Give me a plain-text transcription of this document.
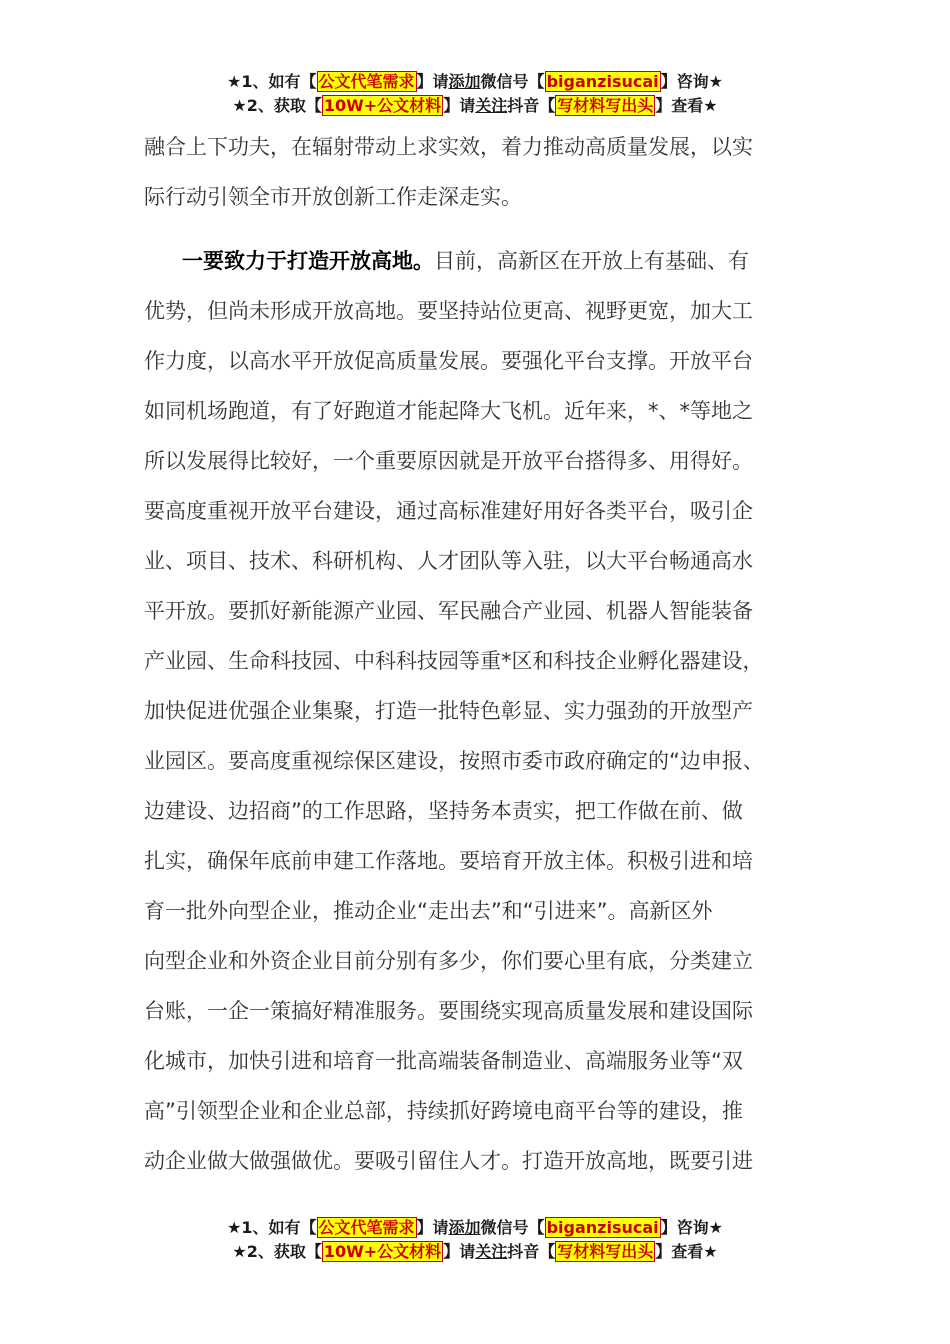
★1、如有【 公文代笔需求 】请添加微信号【 biganzisucai 】咨询★
★2、获取【 10W+公文材料 】请关注抖音【 写材料写出头 】查看★
融合上下功夫，在辐射带动上求实效，着力推动高质量发展，以实
际行动引领全市开放创新工作走深走实。
一要致力于打造开放高地。目前，高新区在开放上有基础、有
优势，但尚未形成开放高地。要坚持站位更高、视野更宽，加大工
作力度，以高水平开放促高质量发展。要强化平台支撑。开放平台
如同机场跑道，有了好跑道才能起降大飞机。近年来，*、*等地之
所以发展得比较好，一个重要原因就是开放平台搭得多、用得好。
要高度重视开放平台建设，通过高标准建好用好各类平台，吸引企
业、项目、技术、科研机构、人才团队等入驻，以大平台畅通高水
平开放。要抓好新能源产业园、军民融合产业园、机器人智能装备
产业园、生命科技园、中科科技园等重*区和科技企业孵化器建设，
加快促进优强企业集聚，打造一批特色彰显、实力强劲的开放型产
业园区。要高度重视综保区建设，按照市委市政府确定的“边申报、
边建设、边招商”的工作思路，坚持务本责实，把工作做在前、做
扎实，确保年底前申建工作落地。要培育开放主体。积极引进和培
育一批外向型企业，推动企业“走出去”和“引进来”。高新区外
向型企业和外资企业目前分别有多少，你们要心里有底，分类建立
台账，一企一策搞好精准服务。要围绕实现高质量发展和建设国际
化城市，加快引进和培育一批高端装备制造业、高端服务业等“双
高”引领型企业和企业总部，持续抓好跨境电商平台等的建设，推
动企业做大做强做优。要吸引留住人才。打造开放高地，既要引进
★1、如有【 公文代笔需求 】请添加微信号【 biganzisucai 】咨询★
★2、获取【 10W+公文材料 】请关注抖音【 写材料写出头 】查看★
